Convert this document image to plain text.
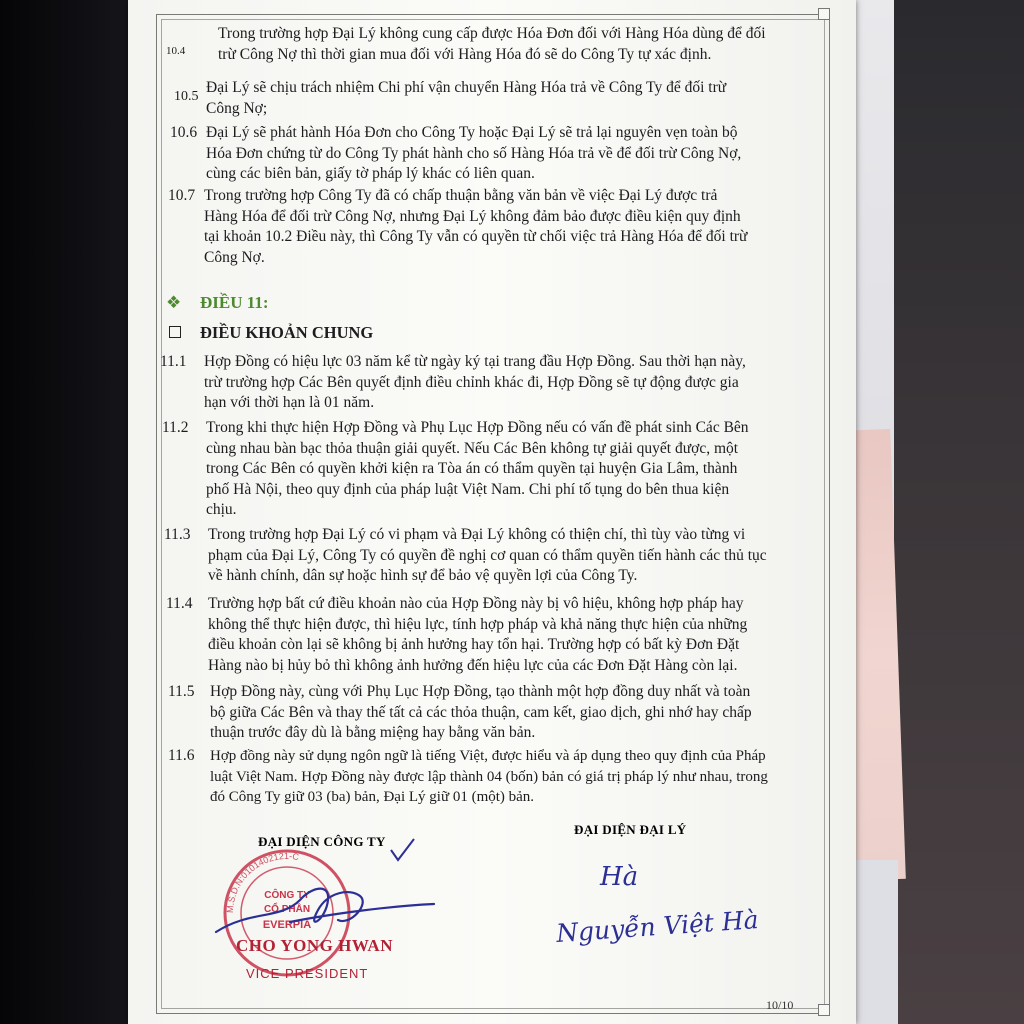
10.4
Trong trường hợp Đại Lý không cung cấp được Hóa Đơn đối với Hàng Hóa dùng để đối
trừ Công Nợ thì thời gian mua đối với Hàng Hóa đó sẽ do Công Ty tự xác định.
10.5
Đại Lý sẽ chịu trách nhiệm Chi phí vận chuyển Hàng Hóa trả về Công Ty để đối trừ
Công Nợ;
10.6 Đại Lý sẽ phát hành Hóa Đơn cho Công Ty hoặc Đại Lý sẽ trả lại nguyên vẹn toàn bộ
Hóa Đơn chứng từ do Công Ty phát hành cho số Hàng Hóa trả về để đối trừ Công Nợ,
cùng các biên bản, giấy tờ pháp lý khác có liên quan.
10.7 Trong trường hợp Công Ty đã có chấp thuận bằng văn bản về việc Đại Lý được trả
Hàng Hóa để đối trừ Công Nợ, nhưng Đại Lý không đảm bảo được điều kiện quy định
tại khoản 10.2 Điều này, thì Công Ty vẫn có quyền từ chối việc trả Hàng Hóa để đối trừ
Công Nợ.
❖ ĐIỀU 11:
ĐIỀU KHOẢN CHUNG
11.1 Hợp Đồng có hiệu lực 03 năm kể từ ngày ký tại trang đầu Hợp Đồng. Sau thời hạn này,
trừ trường hợp Các Bên quyết định điều chỉnh khác đi, Hợp Đồng sẽ tự động được gia
hạn với thời hạn là 01 năm.
11.2 Trong khi thực hiện Hợp Đồng và Phụ Lục Hợp Đồng nếu có vấn đề phát sinh Các Bên
cùng nhau bàn bạc thỏa thuận giải quyết. Nếu Các Bên không tự giải quyết được, một
trong Các Bên có quyền khởi kiện ra Tòa án có thẩm quyền tại huyện Gia Lâm, thành
phố Hà Nội, theo quy định của pháp luật Việt Nam. Chi phí tố tụng do bên thua kiện
chịu.
11.3 Trong trường hợp Đại Lý có vi phạm và Đại Lý không có thiện chí, thì tùy vào từng vi
phạm của Đại Lý, Công Ty có quyền đề nghị cơ quan có thẩm quyền tiến hành các thủ tục
về hành chính, dân sự hoặc hình sự để bảo vệ quyền lợi của Công Ty.
11.4 Trường hợp bất cứ điều khoản nào của Hợp Đồng này bị vô hiệu, không hợp pháp hay
không thể thực hiện được, thì hiệu lực, tính hợp pháp và khả năng thực hiện của những
điều khoản còn lại sẽ không bị ảnh hưởng hay tổn hại. Trường hợp có bất kỳ Đơn Đặt
Hàng nào bị hủy bỏ thì không ảnh hưởng đến hiệu lực của các Đơn Đặt Hàng còn lại.
11.5 Hợp Đồng này, cùng với Phụ Lục Hợp Đồng, tạo thành một hợp đồng duy nhất và toàn
bộ giữa Các Bên và thay thế tất cả các thỏa thuận, cam kết, giao dịch, ghi nhớ hay chấp
thuận trước đây dù là bằng miệng hay bằng văn bản.
11.6 Hợp đồng này sử dụng ngôn ngữ là tiếng Việt, được hiểu và áp dụng theo quy định của Pháp
luật Việt Nam. Hợp Đồng này được lập thành 04 (bốn) bản có giá trị pháp lý như nhau, trong
đó Công Ty giữ 03 (ba) bản, Đại Lý giữ 01 (một) bản.
ĐẠI DIỆN CÔNG TY
ĐẠI DIỆN ĐẠI LÝ
M.S.D.N:0101402121-C
CÔNG TY
CỔ PHẦN
EVERPIA
CHO YONG HWAN
VICE PRESIDENT
Hà
Nguyễn Việt Hà
10/10
